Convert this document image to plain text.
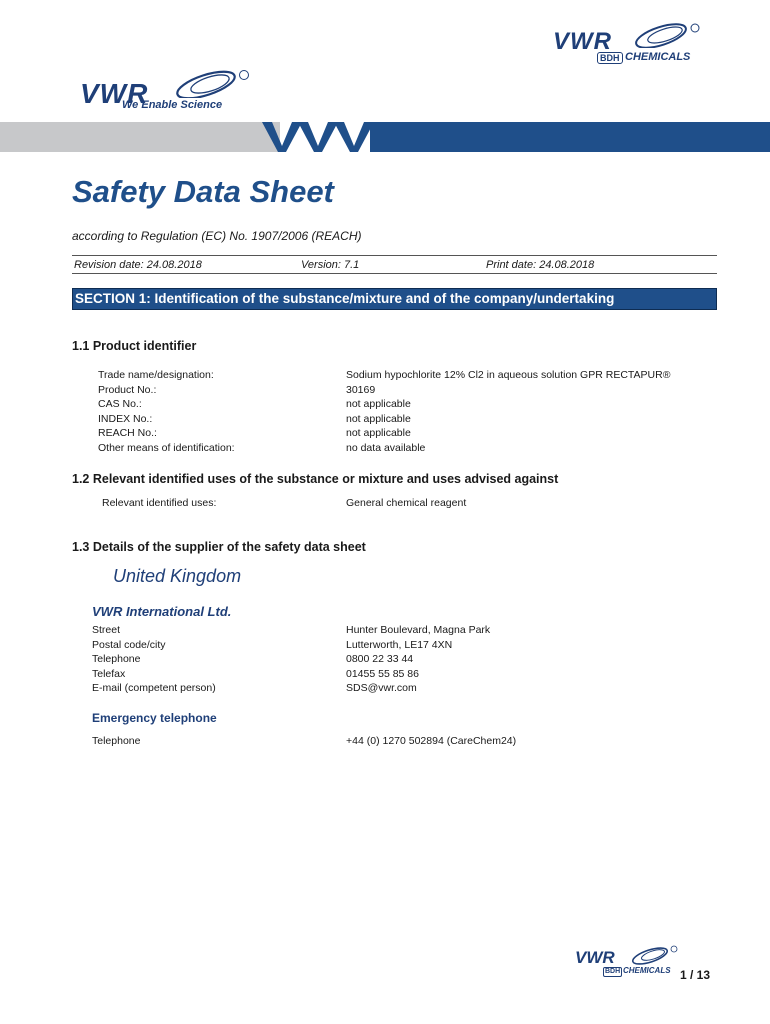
VWR
BDH CHEMICALS
VWR
We Enable Science
Safety Data Sheet
according to Regulation (EC) No. 1907/2006 (REACH)
Revision date: 24.08.2018	Version: 7.1	Print date: 24.08.2018
SECTION 1: Identification of the substance/mixture and of the company/undertaking
1.1 Product identifier
Trade name/designation:	Sodium hypochlorite 12% Cl2 in aqueous solution GPR RECTAPUR®
Product No.:	30169
CAS No.:	not applicable
INDEX No.:	not applicable
REACH No.:	not applicable
Other means of identification:	no data available
1.2 Relevant identified uses of the substance or mixture and uses advised against
Relevant identified uses:	General chemical reagent
1.3 Details of the supplier of the safety data sheet
United Kingdom
VWR International Ltd.
Street	Hunter Boulevard, Magna Park
Postal code/city	Lutterworth, LE17 4XN
Telephone	0800 22 33 44
Telefax	01455 55 85 86
E-mail (competent person)	SDS@vwr.com
Emergency telephone
Telephone	+44 (0) 1270 502894 (CareChem24)
VWR
BDH CHEMICALS 1 / 13
